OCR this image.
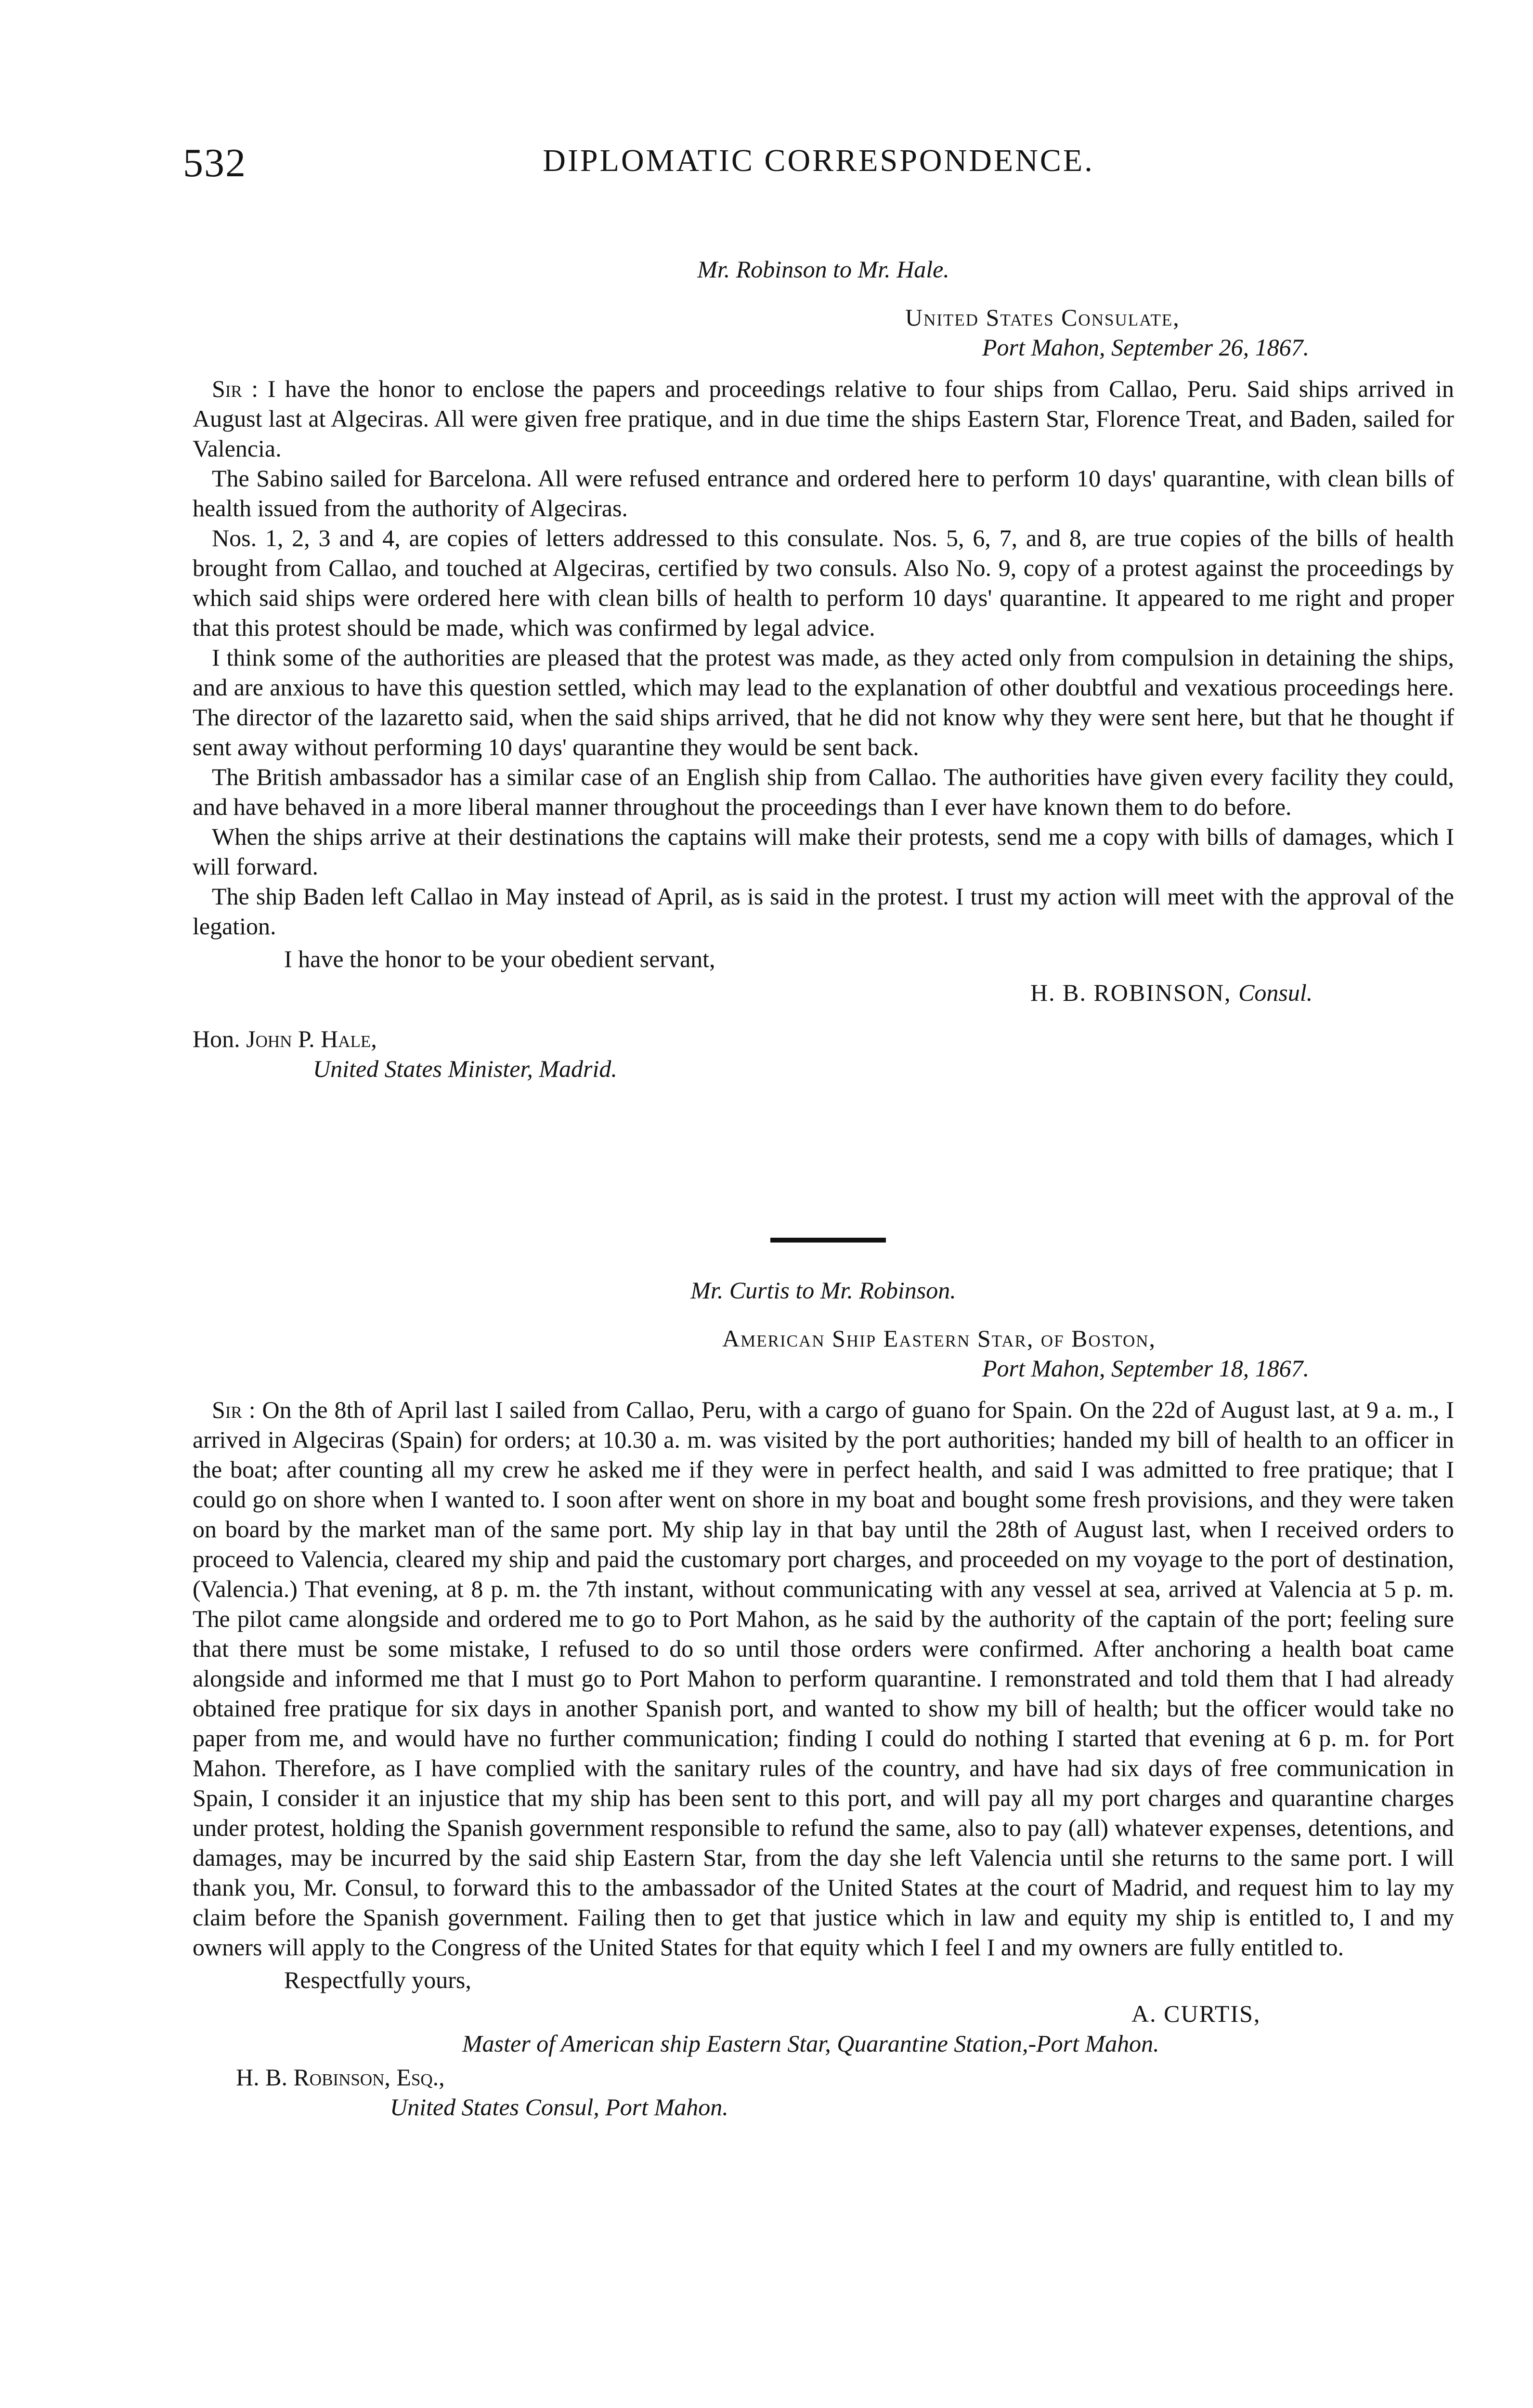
532	DIPLOMATIC CORRESPONDENCE.
Mr. Robinson to Mr. Hale.
United States Consulate,
Port Mahon, September 26, 1867.

Sir : I have the honor to enclose the papers and proceedings relative to four ships from Callao, Peru. Said ships arrived in August last at Algeciras. All were given free pratique, and in due time the ships Eastern Star, Florence Treat, and Baden, sailed for Valencia.

The Sabino sailed for Barcelona. All were refused entrance and ordered here to perform 10 days' quarantine, with clean bills of health issued from the authority of Algeciras.

Nos. 1, 2, 3 and 4, are copies of letters addressed to this consulate. Nos. 5, 6, 7, and 8, are true copies of the bills of health brought from Callao, and touched at Algeciras, certified by two consuls. Also No. 9, copy of a protest against the proceedings by which said ships were ordered here with clean bills of health to perform 10 days' quarantine. It appeared to me right and proper that this protest should be made, which was confirmed by legal advice.

I think some of the authorities are pleased that the protest was made, as they acted only from compulsion in detaining the ships, and are anxious to have this question settled, which may lead to the explanation of other doubtful and vexatious proceedings here. The director of the lazaretto said, when the said ships arrived, that he did not know why they were sent here, but that he thought if sent away without performing 10 days' quarantine they would be sent back.

The British ambassador has a similar case of an English ship from Callao. The authorities have given every facility they could, and have behaved in a more liberal manner throughout the proceedings than I ever have known them to do before.

When the ships arrive at their destinations the captains will make their protests, send me a copy with bills of damages, which I will forward.

The ship Baden left Callao in May instead of April, as is said in the protest. I trust my action will meet with the approval of the legation.

I have the honor to be your obedient servant,
H. B. ROBINSON, Consul.
Hon. John P. Hale,
United States Minister, Madrid.
Mr. Curtis to Mr. Robinson.
American Ship Eastern Star, of Boston,
Port Mahon, September 18, 1867.

Sir : On the 8th of April last I sailed from Callao, Peru, with a cargo of guano for Spain. On the 22d of August last, at 9 a. m., I arrived in Algeciras (Spain) for orders; at 10.30 a. m. was visited by the port authorities; handed my bill of health to an officer in the boat; after counting all my crew he asked me if they were in perfect health, and said I was admitted to free pratique; that I could go on shore when I wanted to. I soon after went on shore in my boat and bought some fresh provisions, and they were taken on board by the market man of the same port. My ship lay in that bay until the 28th of August last, when I received orders to proceed to Valencia, cleared my ship and paid the customary port charges, and proceeded on my voyage to the port of destination, (Valencia.) That evening, at 8 p. m. the 7th instant, without communicating with any vessel at sea, arrived at Valencia at 5 p. m. The pilot came alongside and ordered me to go to Port Mahon, as he said by the authority of the captain of the port; feeling sure that there must be some mistake, I refused to do so until those orders were confirmed. After anchoring a health boat came alongside and informed me that I must go to Port Mahon to perform quarantine. I remonstrated and told them that I had already obtained free pratique for six days in another Spanish port, and wanted to show my bill of health; but the officer would take no paper from me, and would have no further communication; finding I could do nothing I started that evening at 6 p. m. for Port Mahon. Therefore, as I have complied with the sanitary rules of the country, and have had six days of free communication in Spain, I consider it an injustice that my ship has been sent to this port, and will pay all my port charges and quarantine charges under protest, holding the Spanish government responsible to refund the same, also to pay (all) whatever expenses, detentions, and damages, may be incurred by the said ship Eastern Star, from the day she left Valencia until she returns to the same port. I will thank you, Mr. Consul, to forward this to the ambassador of the United States at the court of Madrid, and request him to lay my claim before the Spanish government. Failing then to get that justice which in law and equity my ship is entitled to, I and my owners will apply to the Congress of the United States for that equity which I feel I and my owners are fully entitled to.

Respectfully yours,
A. CURTIS,
Master of American ship Eastern Star, Quarantine Station,-Port Mahon.
H. B. Robinson, Esq.,
United States Consul, Port Mahon.
